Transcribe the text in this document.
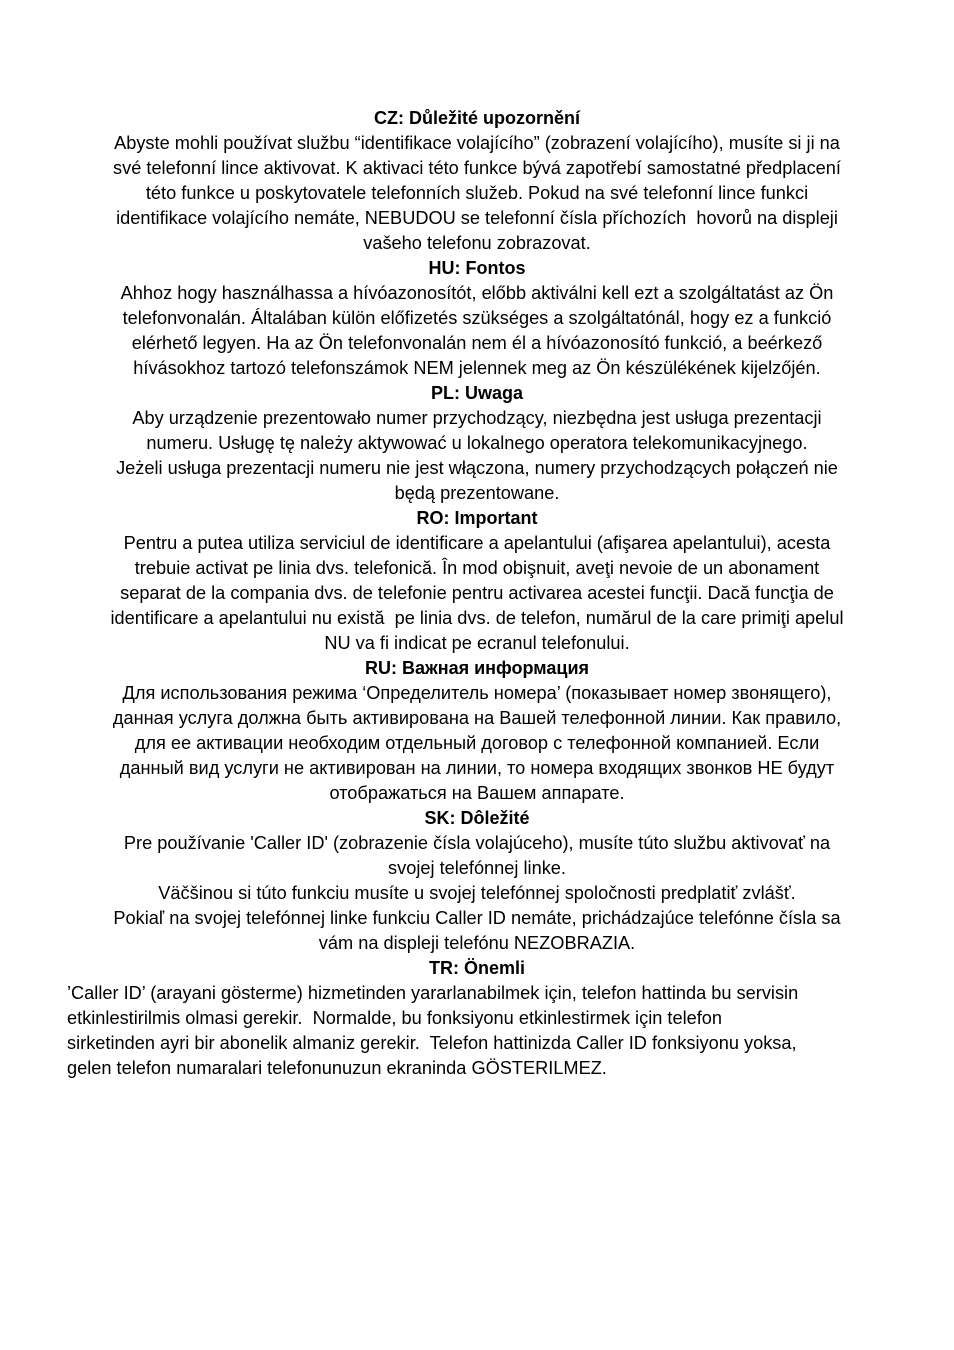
CZ: Důležité upozornění
Abyste mohli používat službu “identifikace volajícího” (zobrazení volajícího), musíte si ji na
své telefonní lince aktivovat. K aktivaci této funkce bývá zapotřebí samostatné předplacení
této funkce u poskytovatele telefonních služeb. Pokud na své telefonní lince funkci
identifikace volajícího nemáte, NEBUDOU se telefonní čísla příchozích  hovorů na displeji
vašeho telefonu zobrazovat.
HU: Fontos
Ahhoz hogy használhassa a hívóazonosítót, előbb aktiválni kell ezt a szolgáltatást az Ön
telefonvonalán. Általában külön előfizetés szükséges a szolgáltatónál, hogy ez a funkció
elérhető legyen. Ha az Ön telefonvonalán nem él a hívóazonosító funkció, a beérkező
hívásokhoz tartozó telefonszámok NEM jelennek meg az Ön készülékének kijelzőjén.
PL: Uwaga
Aby urządzenie prezentowało numer przychodzący, niezbędna jest usługa prezentacji
numeru. Usługę tę należy aktywować u lokalnego operatora telekomunikacyjnego.
Jeżeli usługa prezentacji numeru nie jest włączona, numery przychodzących połączeń nie
będą prezentowane.
RO: Important
Pentru a putea utiliza serviciul de identificare a apelantului (afişarea apelantului), acesta
trebuie activat pe linia dvs. telefonică. În mod obişnuit, aveţi nevoie de un abonament
separat de la compania dvs. de telefonie pentru activarea acestei funcţii. Dacă funcţia de
identificare a apelantului nu există  pe linia dvs. de telefon, numărul de la care primiţi apelul
NU va fi indicat pe ecranul telefonului.
RU: Важная информация
Для использования режима ‘Определитель номера’ (показывает номер звонящего),
данная услуга должна быть активирована на Вашей телефонной линии. Как правило,
для ее активации необходим отдельный договор с телефонной компанией. Если
данный вид услуги не активирован на линии, то номера входящих звонков НЕ будут
отображаться на Вашем аппарате.
SK: Dôležité
Pre používanie 'Caller ID' (zobrazenie čísla volajúceho), musíte túto službu aktivovať na
svojej telefónnej linke.
Väčšinou si túto funkciu musíte u svojej telefónnej spoločnosti predplatiť zvlášť.
Pokiaľ na svojej telefónnej linke funkciu Caller ID nemáte, prichádzajúce telefónne čísla sa
vám na displeji telefónu NEZOBRAZIA.
TR: Önemli
’Caller ID’ (arayani gösterme) hizmetinden yararlanabilmek için, telefon hattinda bu servisin
etkinlestirilmis olmasi gerekir.  Normalde, bu fonksiyonu etkinlestirmek için telefon
sirketinden ayri bir abonelik almaniz gerekir.  Telefon hattinizda Caller ID fonksiyonu yoksa,
gelen telefon numaralari telefonunuzun ekraninda GÖSTERILMEZ.
